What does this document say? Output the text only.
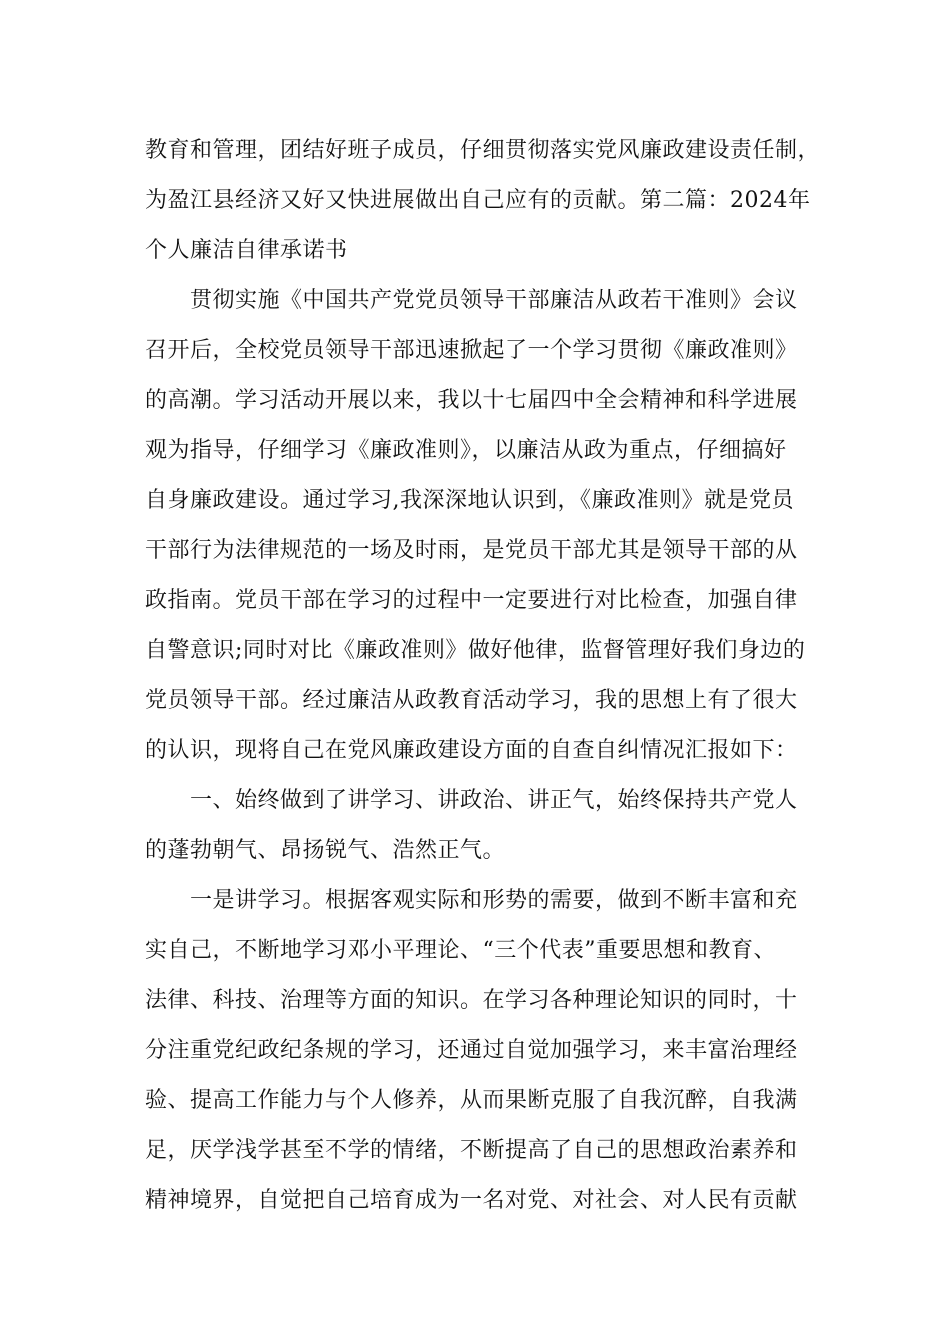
教育和管理，团结好班子成员，仔细贯彻落实党风廉政建设责任制，
为盈江县经济又好又快进展做出自己应有的贡献。第二篇：2024年
个人廉洁自律承诺书
贯彻实施《中国共产党党员领导干部廉洁从政若干准则》会议
召开后，全校党员领导干部迅速掀起了一个学习贯彻《廉政准则》
的高潮。学习活动开展以来，我以十七届四中全会精神和科学进展
观为指导，仔细学习《廉政准则》，以廉洁从政为重点，仔细搞好
自身廉政建设。通过学习,我深深地认识到，《廉政准则》就是党员
干部行为法律规范的一场及时雨，是党员干部尤其是领导干部的从
政指南。党员干部在学习的过程中一定要进行对比检查，加强自律
自警意识;同时对比《廉政准则》做好他律，监督管理好我们身边的
党员领导干部。经过廉洁从政教育活动学习，我的思想上有了很大
的认识，现将自己在党风廉政建设方面的自查自纠情况汇报如下：
一、始终做到了讲学习、讲政治、讲正气，始终保持共产党人
的蓬勃朝气、昂扬锐气、浩然正气。
一是讲学习。根据客观实际和形势的需要，做到不断丰富和充
实自己，不断地学习邓小平理论、“三个代表”重要思想和教育、
法律、科技、治理等方面的知识。在学习各种理论知识的同时，十
分注重党纪政纪条规的学习，还通过自觉加强学习，来丰富治理经
验、提高工作能力与个人修养，从而果断克服了自我沉醉，自我满
足，厌学浅学甚至不学的情绪，不断提高了自己的思想政治素养和
精神境界，自觉把自己培育成为一名对党、对社会、对人民有贡献
